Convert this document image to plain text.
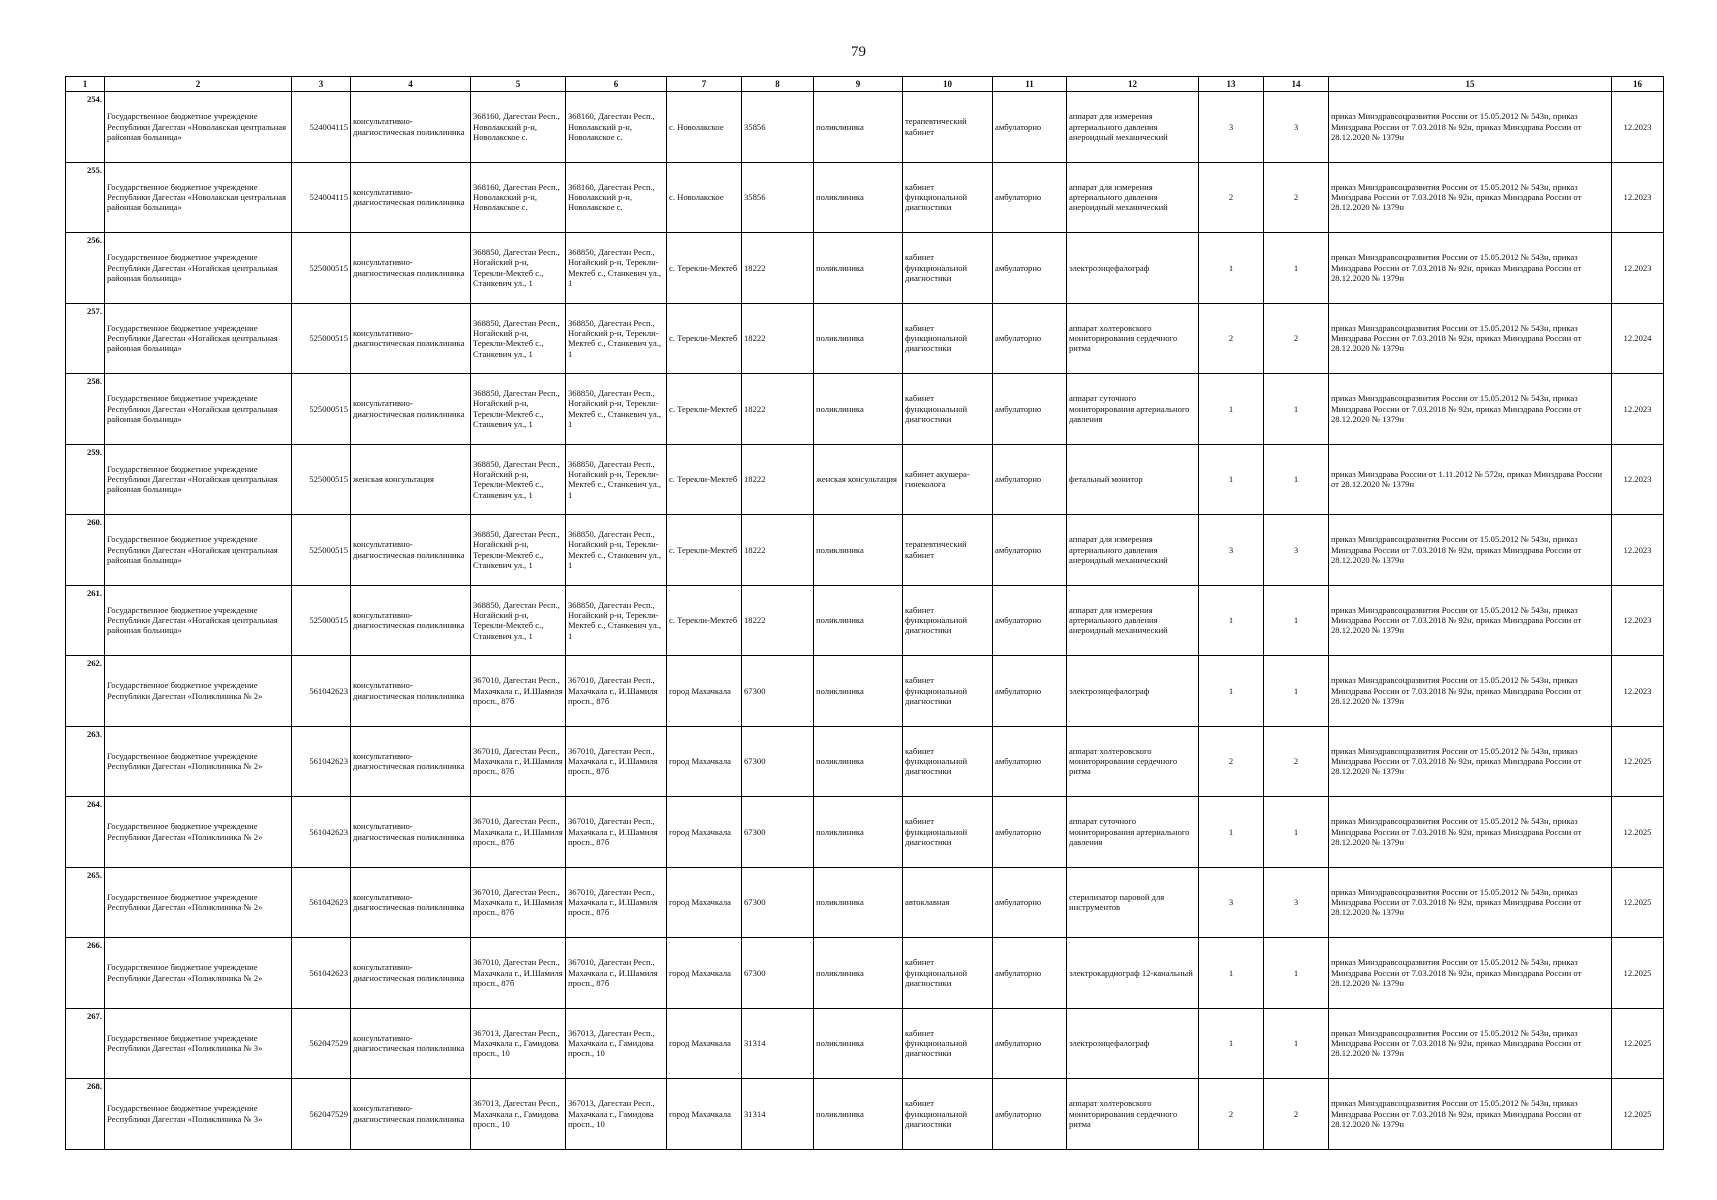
79
1	2	3	4	5	6	7	8	9	10	11	12	13	14	15	16
254.	Государственное бюджетное учреждение Республики Дагестан «Новолакская центральная районная больница»	524004115	консультативно-диагностическая поликлиника	368160, Дагестан Респ., Новолакский р-н, Новолакское с.	368160, Дагестан Респ., Новолакский р-н, Новолакское с.	с. Новолакское	35856	поликлиника	терапевтический кабинет	амбулаторно	аппарат для измерения артериального давления анероидный механический	3	3	приказ Минздравсоцразвития России от 15.05.2012 № 543н, приказ Минздрава России от 7.03.2018 № 92н, приказ Минздрава России от 28.12.2020 № 1379н	12.2023
255.	Государственное бюджетное учреждение Республики Дагестан «Новолакская центральная районная больница»	524004115	консультативно-диагностическая поликлиника	368160, Дагестан Респ., Новолакский р-н, Новолакское с.	368160, Дагестан Респ., Новолакский р-н, Новолакское с.	с. Новолакское	35856	поликлиника	кабинет функциональной диагностики	амбулаторно	аппарат для измерения артериального давления анероидный механический	2	2	приказ Минздравсоцразвития России от 15.05.2012 № 543н, приказ Минздрава России от 7.03.2018 № 92н, приказ Минздрава России от 28.12.2020 № 1379н	12.2023
256.	Государственное бюджетное учреждение Республики Дагестан «Ногайская центральная районная больница»	525000515	консультативно-диагностическая поликлиника	368850, Дагестан Респ., Ногайский р-н, Терекли-Мектеб с., Станкевич ул., 1	368850, Дагестан Респ., Ногайский р-н, Терекли-Мектеб с., Станкевич ул., 1	с. Терекли-Мектеб	18222	поликлиника	кабинет функциональной диагностики	амбулаторно	электроэнцефалограф	1	1	приказ Минздравсоцразвития России от 15.05.2012 № 543н, приказ Минздрава России от 7.03.2018 № 92н, приказ Минздрава России от 28.12.2020 № 1379н	12.2023
257.	Государственное бюджетное учреждение Республики Дагестан «Ногайская центральная районная больница»	525000515	консультативно-диагностическая поликлиника	368850, Дагестан Респ., Ногайский р-н, Терекли-Мектеб с., Станкевич ул., 1	368850, Дагестан Респ., Ногайский р-н, Терекли-Мектеб с., Станкевич ул., 1	с. Терекли-Мектеб	18222	поликлиника	кабинет функциональной диагностики	амбулаторно	аппарат холтеровского мониторирования сердечного ритма	2	2	приказ Минздравсоцразвития России от 15.05.2012 № 543н, приказ Минздрава России от 7.03.2018 № 92н, приказ Минздрава России от 28.12.2020 № 1379н	12.2024
258.	Государственное бюджетное учреждение Республики Дагестан «Ногайская центральная районная больница»	525000515	консультативно-диагностическая поликлиника	368850, Дагестан Респ., Ногайский р-н, Терекли-Мектеб с., Станкевич ул., 1	368850, Дагестан Респ., Ногайский р-н, Терекли-Мектеб с., Станкевич ул., 1	с. Терекли-Мектеб	18222	поликлиника	кабинет функциональной диагностики	амбулаторно	аппарат суточного мониторирования артериального давления	1	1	приказ Минздравсоцразвития России от 15.05.2012 № 543н, приказ Минздрава России от 7.03.2018 № 92н, приказ Минздрава России от 28.12.2020 № 1379н	12.2023
259.	Государственное бюджетное учреждение Республики Дагестан «Ногайская центральная районная больница»	525000515	женская консультация	368850, Дагестан Респ., Ногайский р-н, Терекли-Мектеб с., Станкевич ул., 1	368850, Дагестан Респ., Ногайский р-н, Терекли-Мектеб с., Станкевич ул., 1	с. Терекли-Мектеб	18222	женская консультация	кабинет акушера-гинеколога	амбулаторно	фетальный монитор	1	1	приказ Минздрава России от 1.11.2012 № 572н, приказ Минздрава России от 28.12.2020 № 1379н	12.2023
260.	Государственное бюджетное учреждение Республики Дагестан «Ногайская центральная районная больница»	525000515	консультативно-диагностическая поликлиника	368850, Дагестан Респ., Ногайский р-н, Терекли-Мектеб с., Станкевич ул., 1	368850, Дагестан Респ., Ногайский р-н, Терекли-Мектеб с., Станкевич ул., 1	с. Терекли-Мектеб	18222	поликлиника	терапевтический кабинет	амбулаторно	аппарат для измерения артериального давления анероидный механический	3	3	приказ Минздравсоцразвития России от 15.05.2012 № 543н, приказ Минздрава России от 7.03.2018 № 92н, приказ Минздрава России от 28.12.2020 № 1379н	12.2023
261.	Государственное бюджетное учреждение Республики Дагестан «Ногайская центральная районная больница»	525000515	консультативно-диагностическая поликлиника	368850, Дагестан Респ., Ногайский р-н, Терекли-Мектеб с., Станкевич ул., 1	368850, Дагестан Респ., Ногайский р-н, Терекли-Мектеб с., Станкевич ул., 1	с. Терекли-Мектеб	18222	поликлиника	кабинет функциональной диагностики	амбулаторно	аппарат для измерения артериального давления анероидный механический	1	1	приказ Минздравсоцразвития России от 15.05.2012 № 543н, приказ Минздрава России от 7.03.2018 № 92н, приказ Минздрава России от 28.12.2020 № 1379н	12.2023
262.	Государственное бюджетное учреждение Республики Дагестан «Поликлиника № 2»	561042623	консультативно-диагностическая поликлиника	367010, Дагестан Респ., Махачкала г., И.Шамиля просп., 87б	367010, Дагестан Респ., Махачкала г., И.Шамиля просп., 87б	город Махачкала	67300	поликлиника	кабинет функциональной диагностики	амбулаторно	электроэнцефалограф	1	1	приказ Минздравсоцразвития России от 15.05.2012 № 543н, приказ Минздрава России от 7.03.2018 № 92н, приказ Минздрава России от 28.12.2020 № 1379н	12.2023
263.	Государственное бюджетное учреждение Республики Дагестан «Поликлиника № 2»	561042623	консультативно-диагностическая поликлиника	367010, Дагестан Респ., Махачкала г., И.Шамиля просп., 87б	367010, Дагестан Респ., Махачкала г., И.Шамиля просп., 87б	город Махачкала	67300	поликлиника	кабинет функциональной диагностики	амбулаторно	аппарат холтеровского мониторирования сердечного ритма	2	2	приказ Минздравсоцразвития России от 15.05.2012 № 543н, приказ Минздрава России от 7.03.2018 № 92н, приказ Минздрава России от 28.12.2020 № 1379н	12.2025
264.	Государственное бюджетное учреждение Республики Дагестан «Поликлиника № 2»	561042623	консультативно-диагностическая поликлиника	367010, Дагестан Респ., Махачкала г., И.Шамиля просп., 87б	367010, Дагестан Респ., Махачкала г., И.Шамиля просп., 87б	город Махачкала	67300	поликлиника	кабинет функциональной диагностики	амбулаторно	аппарат суточного мониторирования артериального давления	1	1	приказ Минздравсоцразвития России от 15.05.2012 № 543н, приказ Минздрава России от 7.03.2018 № 92н, приказ Минздрава России от 28.12.2020 № 1379н	12.2025
265.	Государственное бюджетное учреждение Республики Дагестан «Поликлиника № 2»	561042623	консультативно-диагностическая поликлиника	367010, Дагестан Респ., Махачкала г., И.Шамиля просп., 87б	367010, Дагестан Респ., Махачкала г., И.Шамиля просп., 87б	город Махачкала	67300	поликлиника	автоклавная	амбулаторно	стерилизатор паровой для инструментов	3	3	приказ Минздравсоцразвития России от 15.05.2012 № 543н, приказ Минздрава России от 7.03.2018 № 92н, приказ Минздрава России от 28.12.2020 № 1379н	12.2025
266.	Государственное бюджетное учреждение Республики Дагестан «Поликлиника № 2»	561042623	консультативно-диагностическая поликлиника	367010, Дагестан Респ., Махачкала г., И.Шамиля просп., 87б	367010, Дагестан Респ., Махачкала г., И.Шамиля просп., 87б	город Махачкала	67300	поликлиника	кабинет функциональной диагностики	амбулаторно	электрокардиограф 12-канальный	1	1	приказ Минздравсоцразвития России от 15.05.2012 № 543н, приказ Минздрава России от 7.03.2018 № 92н, приказ Минздрава России от 28.12.2020 № 1379н	12.2025
267.	Государственное бюджетное учреждение Республики Дагестан «Поликлиника № 3»	562047529	консультативно-диагностическая поликлиника	367013, Дагестан Респ., Махачкала г., Гамидова просп., 10	367013, Дагестан Респ., Махачкала г., Гамидова просп., 10	город Махачкала	31314	поликлиника	кабинет функциональной диагностики	амбулаторно	электроэнцефалограф	1	1	приказ Минздравсоцразвития России от 15.05.2012 № 543н, приказ Минздрава России от 7.03.2018 № 92н, приказ Минздрава России от 28.12.2020 № 1379н	12.2025
268.	Государственное бюджетное учреждение Республики Дагестан «Поликлиника № 3»	562047529	консультативно-диагностическая поликлиника	367013, Дагестан Респ., Махачкала г., Гамидова просп., 10	367013, Дагестан Респ., Махачкала г., Гамидова просп., 10	город Махачкала	31314	поликлиника	кабинет функциональной диагностики	амбулаторно	аппарат холтеровского мониторирования сердечного ритма	2	2	приказ Минздравсоцразвития России от 15.05.2012 № 543н, приказ Минздрава России от 7.03.2018 № 92н, приказ Минздрава России от 28.12.2020 № 1379н	12.2025
